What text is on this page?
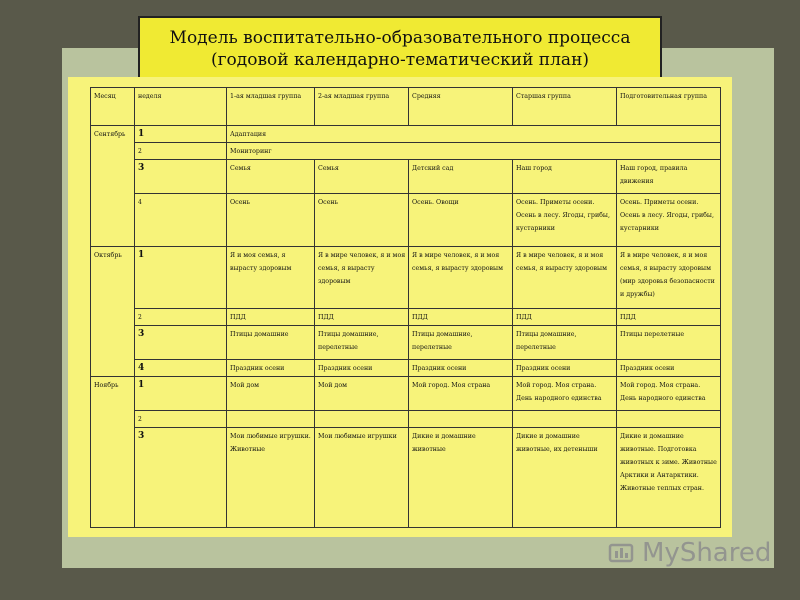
Модель воспитательно-образовательного процесса
(годовой календарно-тематический план)
Месяц	неделя	1-ая младшая группа	2-ая младшая группа	Средняя	Старшая группа	Подготовительная группа
Сентябрь	1	Адаптация				
	2	Мониторинг				
	3	Семья	Семья	Детский сад	Наш город	Наш город, правила движения
	4	Осень	Осень	Осень. Овощи	Осень. Приметы осени. Осень в лесу. Ягоды, грибы, кустарники	Осень. Приметы осени. Осень в лесу. Ягоды, грибы, кустарники
Октябрь	1	Я и моя семья, я вырасту здоровым	Я в мире человек, я и моя семья, я вырасту здоровым	Я в мире человек, я и моя семья, я вырасту здоровым	Я в мире человек, я и моя семья, я вырасту здоровым	Я в мире человек, я и моя семья, я вырасту здоровым (мир здоровья безопасности и дружбы)
	2	ПДД	ПДД	ПДД	ПДД	ПДД
	3	Птицы домашние	Птицы домашние, перелетные	Птицы домашние, перелетные	Птицы домашние, перелетные	Птицы перелетные
	4	Праздник осени	Праздник осени	Праздник осени	Праздник осени	Праздник осени
Ноябрь	1	Мой дом	Мой дом	Мой город. Моя страна	Мой город. Моя страна. День народного единства	Мой город. Моя страна. День народного единства
	2					
	3	Мои любимые игрушки. Животные	Мои любимые игрушки	Дикие и домашние животные	Дикие и домашние животные, их детеныши	Дикие и домашние животные. Подготовка животных к зиме. Животные Арктики и Антарктики. Животные теплых стран.
MyShared
